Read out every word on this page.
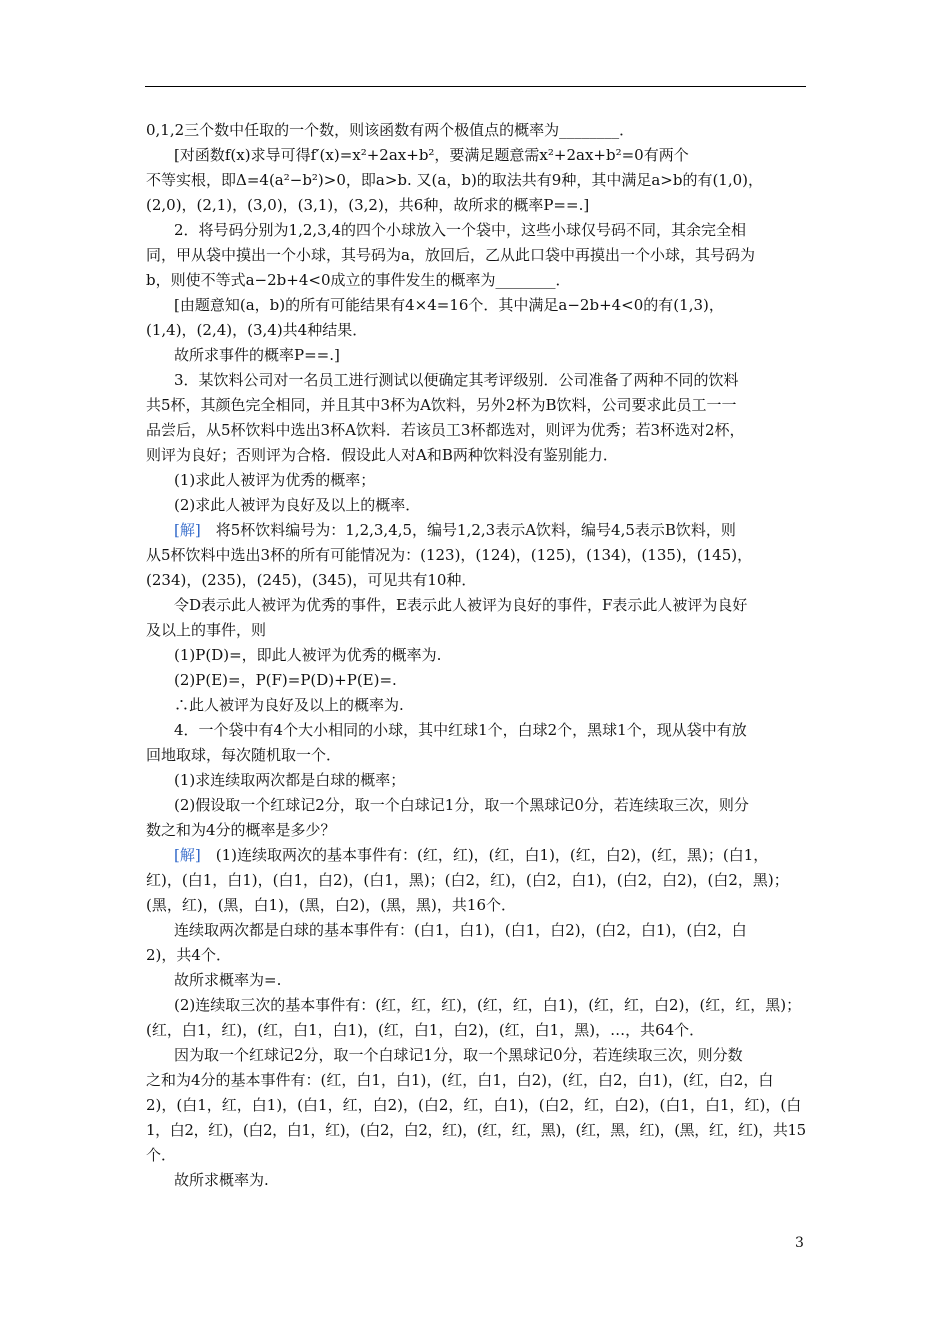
0,1,2三个数中任取的一个数，则该函数有两个极值点的概率为________．
[对函数f(x)求导可得f′(x)=x²+2ax+b²，要满足题意需x²+2ax+b²=0有两个
不等实根，即Δ=4(a²−b²)>0，即a>b. 又(a，b)的取法共有9种，其中满足a>b的有(1,0)，
(2,0)，(2,1)，(3,0)，(3,1)，(3,2)，共6种，故所求的概率P==.]
2．将号码分别为1,2,3,4的四个小球放入一个袋中，这些小球仅号码不同，其余完全相
同，甲从袋中摸出一个小球，其号码为a，放回后，乙从此口袋中再摸出一个小球，其号码为
b，则使不等式a−2b+4<0成立的事件发生的概率为________．
[由题意知(a，b)的所有可能结果有4×4=16个．其中满足a−2b+4<0的有(1,3)，
(1,4)，(2,4)，(3,4)共4种结果．
故所求事件的概率P==.]
3．某饮料公司对一名员工进行测试以便确定其考评级别．公司准备了两种不同的饮料
共5杯，其颜色完全相同，并且其中3杯为A饮料，另外2杯为B饮料，公司要求此员工一一
品尝后，从5杯饮料中选出3杯A饮料．若该员工3杯都选对，则评为优秀；若3杯选对2杯，
则评为良好；否则评为合格．假设此人对A和B两种饮料没有鉴别能力．
(1)求此人被评为优秀的概率；
(2)求此人被评为良好及以上的概率．
[解]　将5杯饮料编号为：1,2,3,4,5，编号1,2,3表示A饮料，编号4,5表示B饮料，则
从5杯饮料中选出3杯的所有可能情况为：(123)，(124)，(125)，(134)，(135)，(145)，
(234)，(235)，(245)，(345)，可见共有10种．
令D表示此人被评为优秀的事件，E表示此人被评为良好的事件，F表示此人被评为良好
及以上的事件，则
(1)P(D)=，即此人被评为优秀的概率为.
(2)P(E)=，P(F)=P(D)+P(E)=.
∴此人被评为良好及以上的概率为.
4．一个袋中有4个大小相同的小球，其中红球1个，白球2个，黑球1个，现从袋中有放
回地取球，每次随机取一个．
(1)求连续取两次都是白球的概率；
(2)假设取一个红球记2分，取一个白球记1分，取一个黑球记0分，若连续取三次，则分
数之和为4分的概率是多少？
[解]　(1)连续取两次的基本事件有：(红，红)，(红，白1)，(红，白2)，(红，黑)；(白1，
红)，(白1，白1)，(白1，白2)，(白1，黑)；(白2，红)，(白2，白1)，(白2，白2)，(白2，黑)；
(黑，红)，(黑，白1)，(黑，白2)，(黑，黑)，共16个．
连续取两次都是白球的基本事件有：(白1，白1)，(白1，白2)，(白2，白1)，(白2，白
2)，共4个．
故所求概率为=.
(2)连续取三次的基本事件有：(红，红，红)，(红，红，白1)，(红，红，白2)，(红，红，黑)；
(红，白1，红)，(红，白1，白1)，(红，白1，白2)，(红，白1，黑)，…，共64个．
因为取一个红球记2分，取一个白球记1分，取一个黑球记0分，若连续取三次，则分数
之和为4分的基本事件有：(红，白1，白1)，(红，白1，白2)，(红，白2，白1)，(红，白2，白
2)，(白1，红，白1)，(白1，红，白2)，(白2，红，白1)，(白2，红，白2)，(白1，白1，红)，(白
1，白2，红)，(白2，白1，红)，(白2，白2，红)，(红，红，黑)，(红，黑，红)，(黑，红，红)，共15
个．
故所求概率为.
3
